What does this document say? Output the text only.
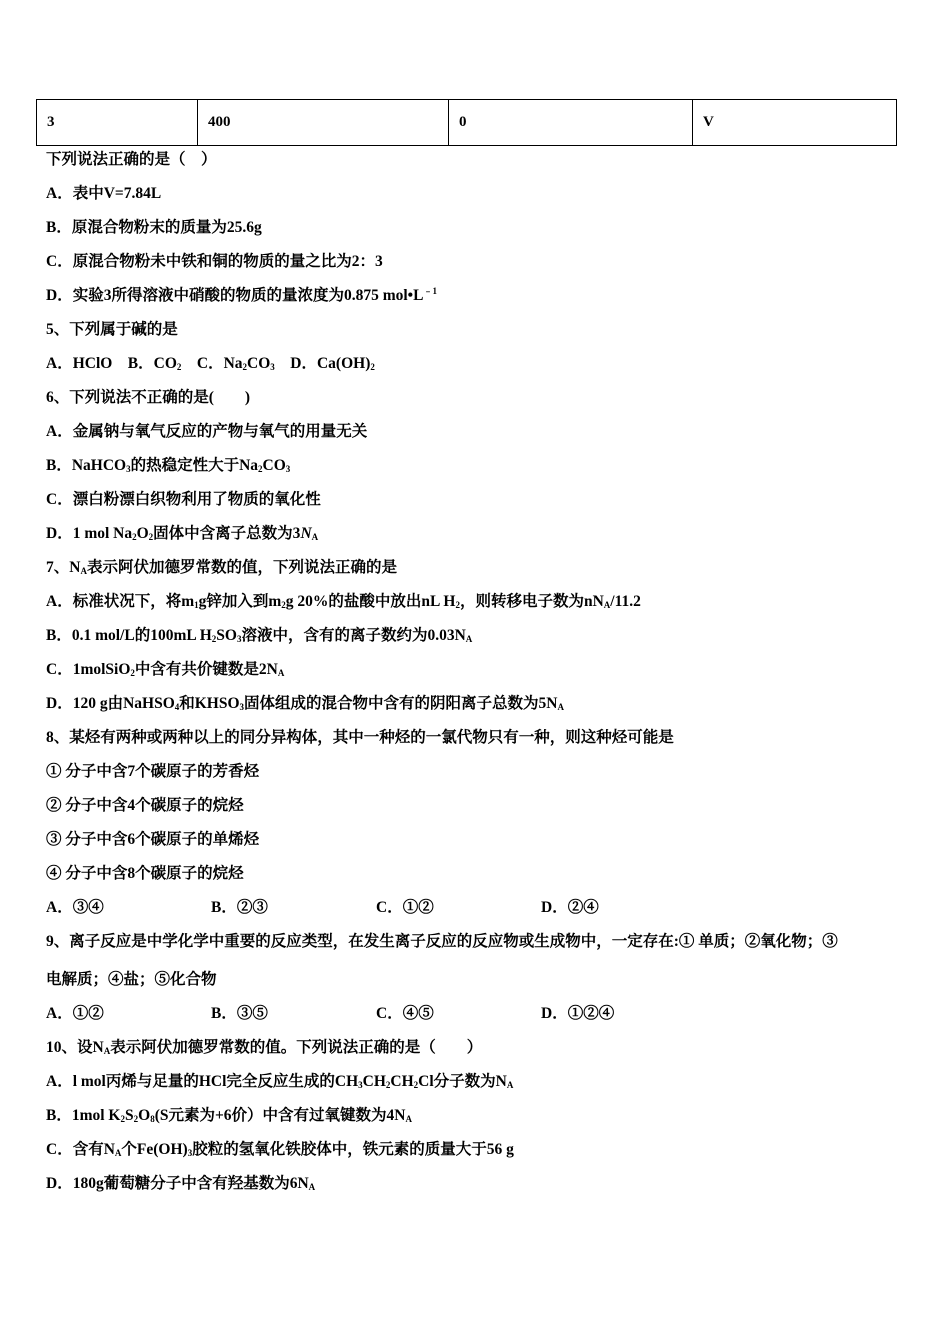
3	400	0	V
下列说法正确的是（　）
A．表中V=7.84L
B．原混合物粉末的质量为25.6g
C．原混合物粉未中铁和铜的物质的量之比为2：3
D．实验3所得溶液中硝酸的物质的量浓度为0.875 $mol•L^{﹣1}$
5、下列属于碱的是
A．HClO　B．$CO_2$　C．$Na_2CO_3$　D．$Ca(OH)_2$
6、下列说法不正确的是(　　)
A．金属钠与氧气反应的产物与氧气的用量无关
B．NaHCO$_3$的热稳定性大于$Na_2CO_3$
C．漂白粉漂白织物利用了物质的氧化性
D．1 mol $Na_2O_2$固体中含离子总数为$3N_A$
7、$N_A$表示阿伏加德罗常数的值，下列说法正确的是
A．标准状况下，将$m_1g$锌加入到$m_2g$ 20%的盐酸中放出nL $H_2$，则转移电子数为$nN_A/11.2$
B．0.1 mol/L的100mL $H_2SO_3$溶液中，含有的离子数约为$0.03N_A$
C．1molSiO$_2$中含有共价键数是$2N_A$
D．120 g由NaHSO$_4$和$KHSO_3$固体组成的混合物中含有的阴阳离子总数为$5N_A$
8、某烃有两种或两种以上的同分异构体，其中一种烃的一氯代物只有一种，则这种烃可能是
① 分子中含7个碳原子的芳香烃
② 分子中含4个碳原子的烷烃
③ 分子中含6个碳原子的单烯烃
④ 分子中含8个碳原子的烷烃
A．③④	B．②③	C．①②	D．②④
9、离子反应是中学化学中重要的反应类型，在发生离子反应的反应物或生成物中，一定存在:① 单质；②氧化物；③
电解质；④盐；⑤化合物
A．①②	B．③⑤	C．④⑤	D．①②④
10、设$N_A$表示阿伏加德罗常数的值。下列说法正确的是（　　）
A．l mol丙烯与足量的HCl完全反应生成的$CH_3CH_2CH_2Cl$分子数为$N_A$
B．1mol $K_2S_2O_8(S$元素为+6价）中含有过氧键数为$4N_A$
C．含有$N_A$个$Fe(OH)_3$胶粒的氢氧化铁胶体中，铁元素的质量大于56 g
D．180g葡萄糖分子中含有羟基数为$6N_A$
